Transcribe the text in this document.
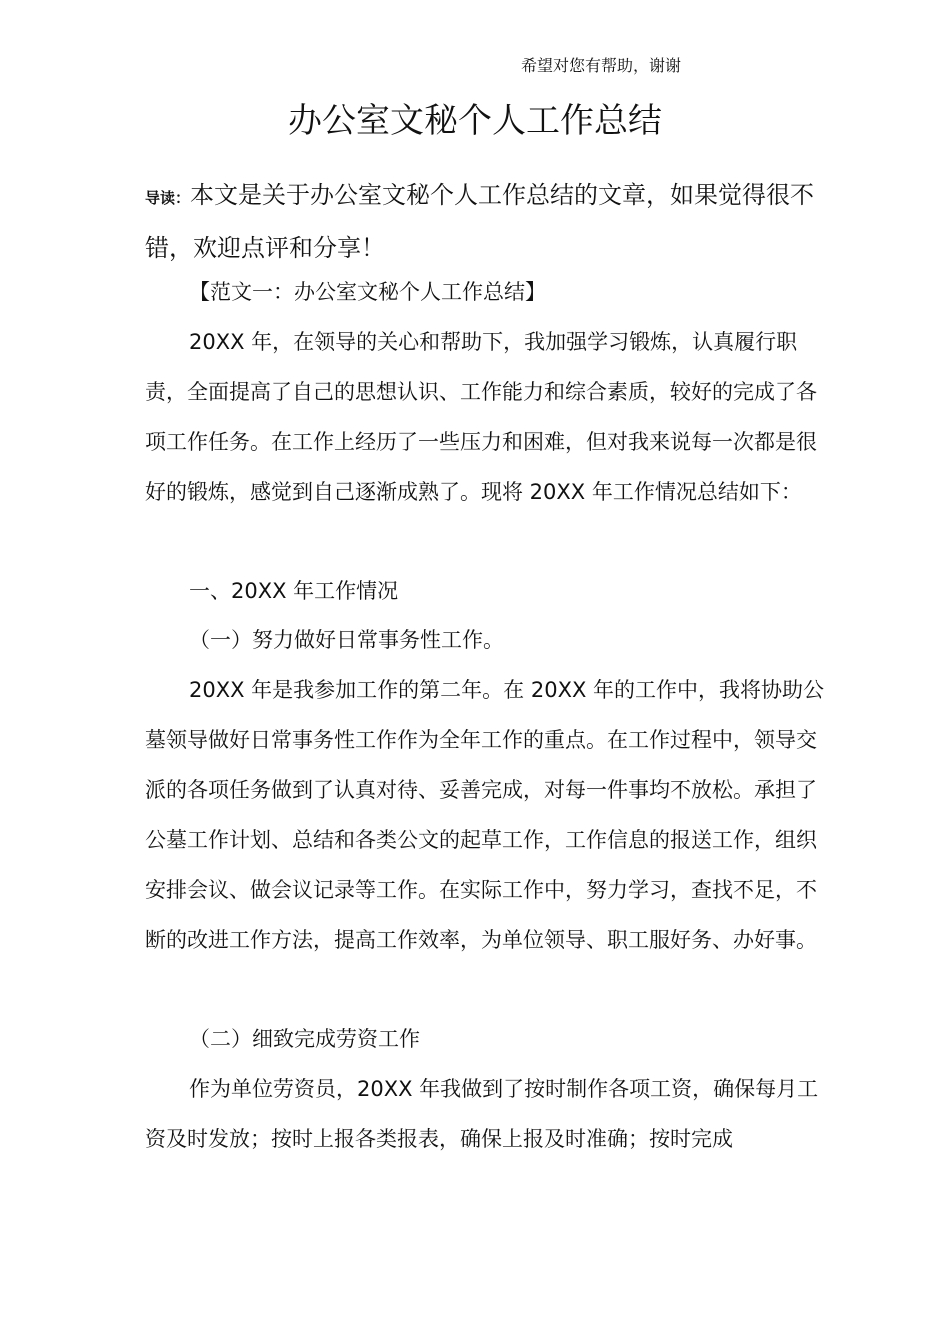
希望对您有帮助，谢谢
办公室文秘个人工作总结

导读：本文是关于办公室文秘个人工作总结的文章，如果觉得很不错，欢迎点评和分享！

【范文一：办公室文秘个人工作总结】

20XX 年，在领导的关心和帮助下，我加强学习锻炼，认真履行职责，全面提高了自己的思想认识、工作能力和综合素质，较好的完成了各项工作任务。在工作上经历了一些压力和困难，但对我来说每一次都是很好的锻炼，感觉到自己逐渐成熟了。现将 20XX 年工作情况总结如下：

一、20XX 年工作情况
（一）努力做好日常事务性工作。

20XX 年是我参加工作的第二年。在 20XX 年的工作中，我将协助公墓领导做好日常事务性工作作为全年工作的重点。在工作过程中，领导交派的各项任务做到了认真对待、妥善完成，对每一件事均不放松。承担了公墓工作计划、总结和各类公文的起草工作，工作信息的报送工作，组织安排会议、做会议记录等工作。在实际工作中，努力学习，查找不足，不断的改进工作方法，提高工作效率，为单位领导、职工服好务、办好事。

（二）细致完成劳资工作

作为单位劳资员，20XX 年我做到了按时制作各项工资，确保每月工资及时发放；按时上报各类报表，确保上报及时准确；按时完成
